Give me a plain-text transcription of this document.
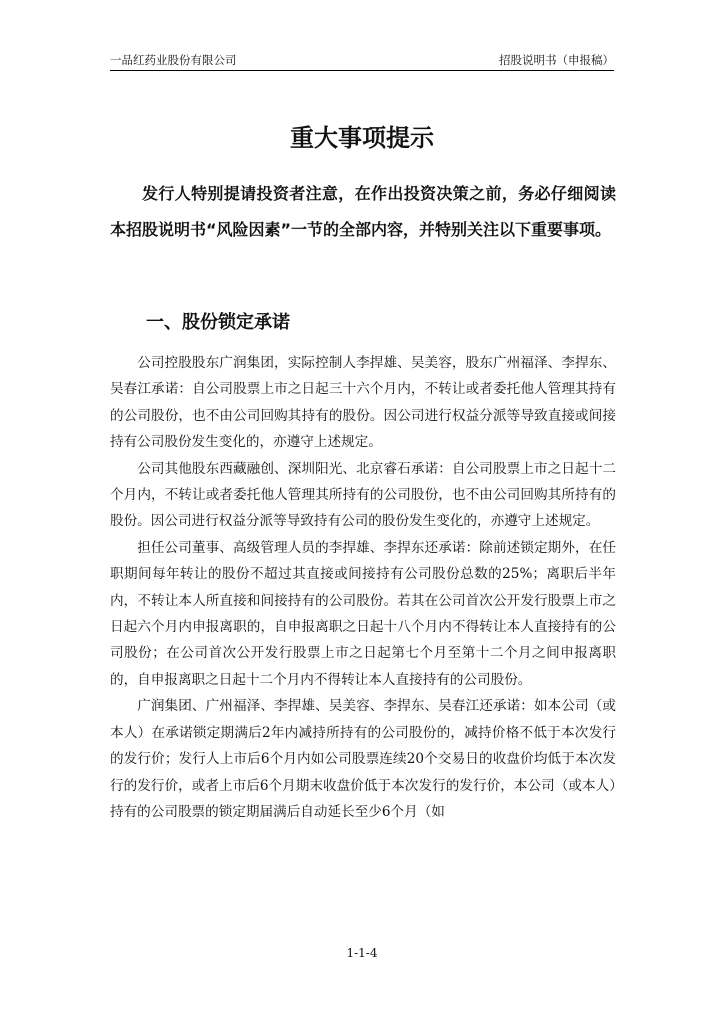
一品红药业股份有限公司	招股说明书（申报稿）
重大事项提示
发行人特别提请投资者注意，在作出投资决策之前，务必仔细阅读本招股说明书“风险因素”一节的全部内容，并特别关注以下重要事项。
一、股份锁定承诺

公司控股股东广润集团，实际控制人李捍雄、吴美容，股东广州福泽、李捍东、吴春江承诺：自公司股票上市之日起三十六个月内，不转让或者委托他人管理其持有的公司股份，也不由公司回购其持有的股份。因公司进行权益分派等导致直接或间接持有公司股份发生变化的，亦遵守上述规定。

公司其他股东西藏融创、深圳阳光、北京睿石承诺：自公司股票上市之日起十二个月内，不转让或者委托他人管理其所持有的公司股份，也不由公司回购其所持有的股份。因公司进行权益分派等导致持有公司的股份发生变化的，亦遵守上述规定。

担任公司董事、高级管理人员的李捍雄、李捍东还承诺：除前述锁定期外，在任职期间每年转让的股份不超过其直接或间接持有公司股份总数的25%；离职后半年内，不转让本人所直接和间接持有的公司股份。若其在公司首次公开发行股票上市之日起六个月内申报离职的，自申报离职之日起十八个月内不得转让本人直接持有的公司股份；在公司首次公开发行股票上市之日起第七个月至第十二个月之间申报离职的，自申报离职之日起十二个月内不得转让本人直接持有的公司股份。

广润集团、广州福泽、李捍雄、吴美容、李捍东、吴春江还承诺：如本公司（或本人）在承诺锁定期满后2年内减持所持有的公司股份的，减持价格不低于本次发行的发行价；发行人上市后6个月内如公司股票连续20个交易日的收盘价均低于本次发行的发行价，或者上市后6个月期末收盘价低于本次发行的发行价，本公司（或本人）持有的公司股票的锁定期届满后自动延长至少6个月（如

1-1-4
